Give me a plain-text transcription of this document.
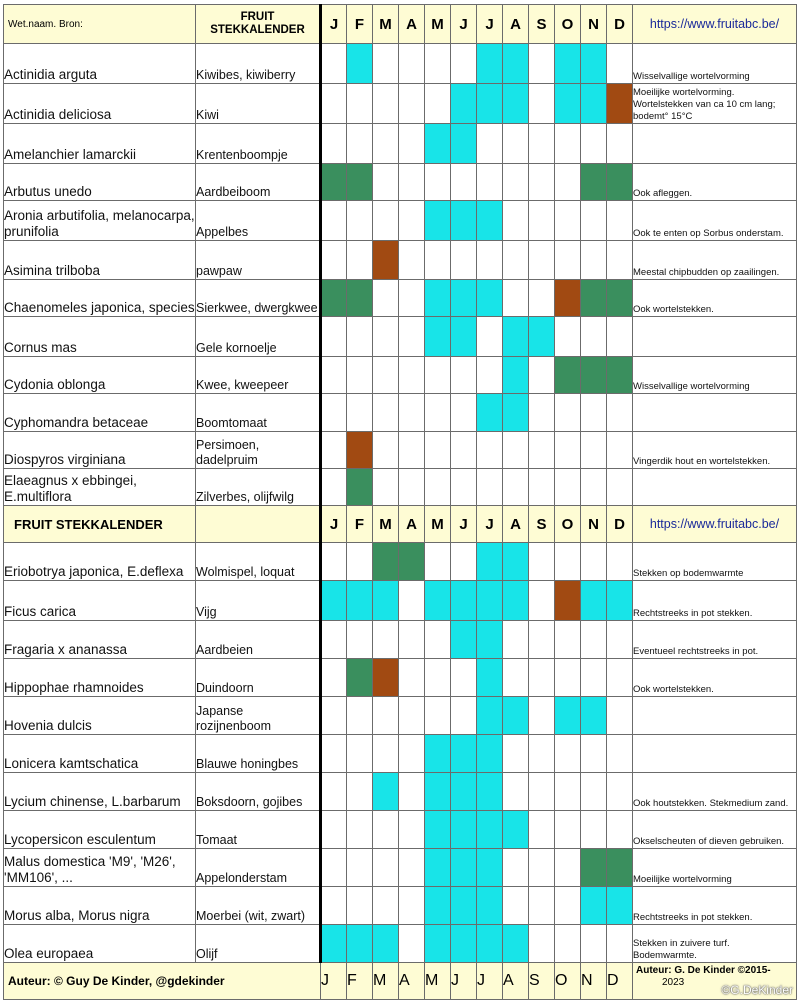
Wet.naam. Bron:	FRUIT STEKKALENDER	J	F	M	A	M	J	J	A	S	O	N	D	https://www.fruitabc.be/
Actinidia arguta	Kiwibes, kiwiberry													Wisselvallige wortelvorming
Actinidia deliciosa	Kiwi													Moeilijke wortelvorming. Wortelstekken van ca 10 cm lang; bodemt° 15°C
Amelanchier lamarckii	Krentenboompje													
Arbutus unedo	Aardbeiboom													Ook afleggen.
Aronia arbutifolia, melanocarpa, prunifolia	Appelbes													Ook te enten op Sorbus onderstam.
Asimina trilboba	pawpaw													Meestal chipbudden op zaailingen.
Chaenomeles japonica, species	Sierkwee, dwergkwee													Ook wortelstekken.
Cornus mas	Gele kornoelje													
Cydonia oblonga	Kwee, kweepeer													Wisselvallige wortelvorming
Cyphomandra betaceae	Boomtomaat													
Diospyros virginiana	Persimoen, dadelpruim													Vingerdik hout en wortelstekken.
Elaeagnus x ebbingei, E.multiflora	Zilverbes, olijfwilg													
FRUIT STEKKALENDER		J	F	M	A	M	J	J	A	S	O	N	D	https://www.fruitabc.be/
Eriobotrya japonica, E.deflexa	Wolmispel, loquat													Stekken op bodemwarmte
Ficus carica	Vijg													Rechtstreeks in pot stekken.
Fragaria x ananassa	Aardbeien													Eventueel rechtstreeks in pot.
Hippophae rhamnoides	Duindoorn													Ook wortelstekken.
Hovenia dulcis	Japanse rozijnenboom													
Lonicera kamtschatica	Blauwe honingbes													
Lycium chinense, L.barbarum	Boksdoorn, gojibes													Ook houtstekken. Stekmedium zand.
Lycopersicon esculentum	Tomaat													Okselscheuten of dieven gebruiken.
Malus domestica 'M9', 'M26', 'MM106', ...	Appelonderstam													Moeilijke wortelvorming
Morus alba, Morus nigra	Moerbei (wit, zwart)													Rechtstreeks in pot stekken.
Olea europaea	Olijf													Stekken in zuivere turf. Bodemwarmte.
Auteur: © Guy De Kinder, @gdekinder		J	F	M	A	M	J	J	A	S	O	N	D	Auteur: G. De Kinder ©2015-
2023
©G.DeKinder
